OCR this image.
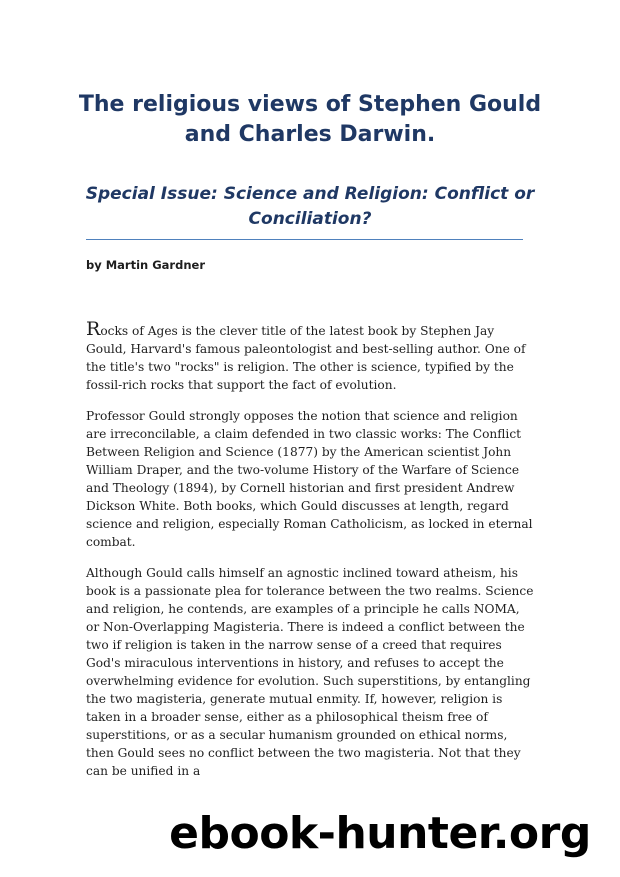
The religious views of Stephen Gould and Charles Darwin.
Special Issue: Science and Religion: Conflict or Conciliation?

by Martin Gardner

Rocks of Ages is the clever title of the latest book by Stephen Jay Gould, Harvard's famous paleontologist and best-selling author. One of the title's two "rocks" is religion. The other is science, typified by the fossil-rich rocks that support the fact of evolution.

Professor Gould strongly opposes the notion that science and religion are irreconcilable, a claim defended in two classic works: The Conflict Between Religion and Science (1877) by the American scientist John William Draper, and the two-volume History of the Warfare of Science and Theology (1894), by Cornell historian and first president Andrew Dickson White. Both books, which Gould discusses at length, regard science and religion, especially Roman Catholicism, as locked in eternal combat.

Although Gould calls himself an agnostic inclined toward atheism, his book is a passionate plea for tolerance between the two realms. Science and religion, he contends, are examples of a principle he calls NOMA, or Non-Overlapping Magisteria. There is indeed a conflict between the two if religion is taken in the narrow sense of a creed that requires God's miraculous interventions in history, and refuses to accept the overwhelming evidence for evolution. Such superstitions, by entangling the two magisteria, generate mutual enmity. If, however, religion is taken in a broader sense, either as a philosophical theism free of superstitions, or as a secular humanism grounded on ethical norms, then Gould sees no conflict between the two magisteria. Not that they can be unified in a

ebook-hunter.org
